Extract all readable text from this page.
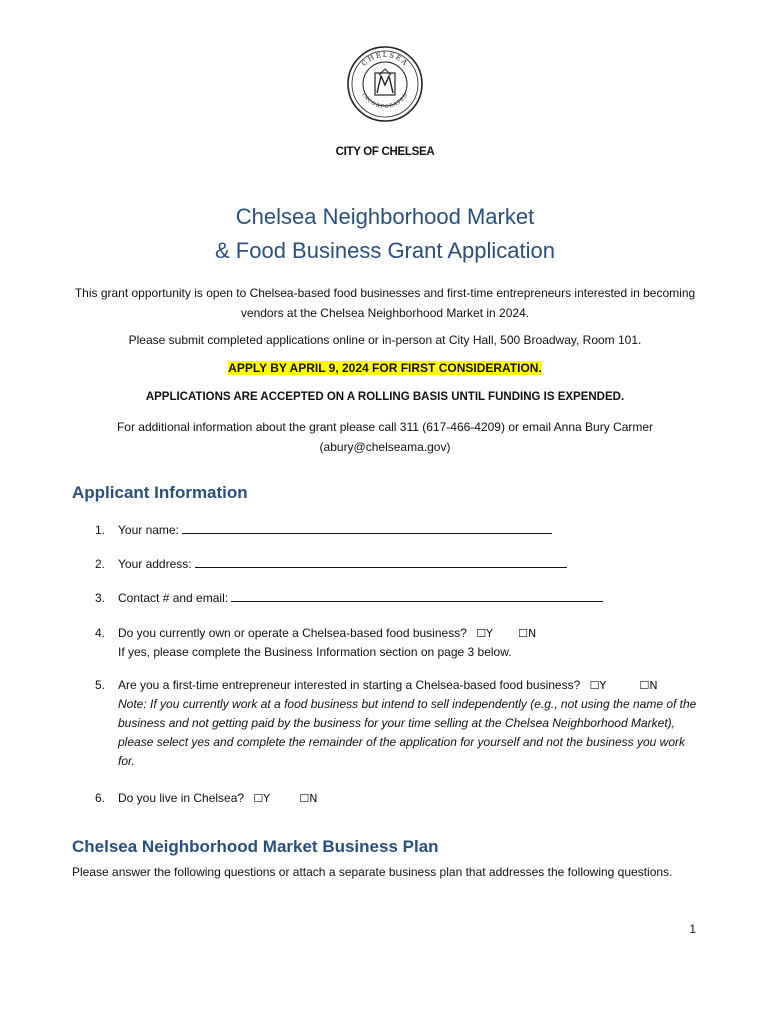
CHELSEA
INCORPORATED
CITY OF CHELSEA
Chelsea Neighborhood Market
& Food Business Grant Application
This grant opportunity is open to Chelsea-based food businesses and first-time entrepreneurs interested in becoming vendors at the Chelsea Neighborhood Market in 2024.
Please submit completed applications online or in-person at City Hall, 500 Broadway, Room 101.
APPLY BY APRIL 9, 2024 FOR FIRST CONSIDERATION.
APPLICATIONS ARE ACCEPTED ON A ROLLING BASIS UNTIL FUNDING IS EXPENDED.
For additional information about the grant please call 311 (617-466-4209) or email Anna Bury Carmer (abury@chelseama.gov)
Applicant Information
1. Your name:
2. Your address:
3. Contact # and email:
4. Do you currently own or operate a Chelsea-based food business? ☐Y ☐N
If yes, please complete the Business Information section on page 3 below.
5. Are you a first-time entrepreneur interested in starting a Chelsea-based food business? ☐Y	☐N
Note: If you currently work at a food business but intend to sell independently (e.g., not using the name of the business and not getting paid by the business for your time selling at the Chelsea Neighborhood Market), please select yes and complete the remainder of the application for yourself and not the business you work for.
6. Do you live in Chelsea? ☐Y	☐N
Chelsea Neighborhood Market Business Plan
Please answer the following questions or attach a separate business plan that addresses the following questions.
1
